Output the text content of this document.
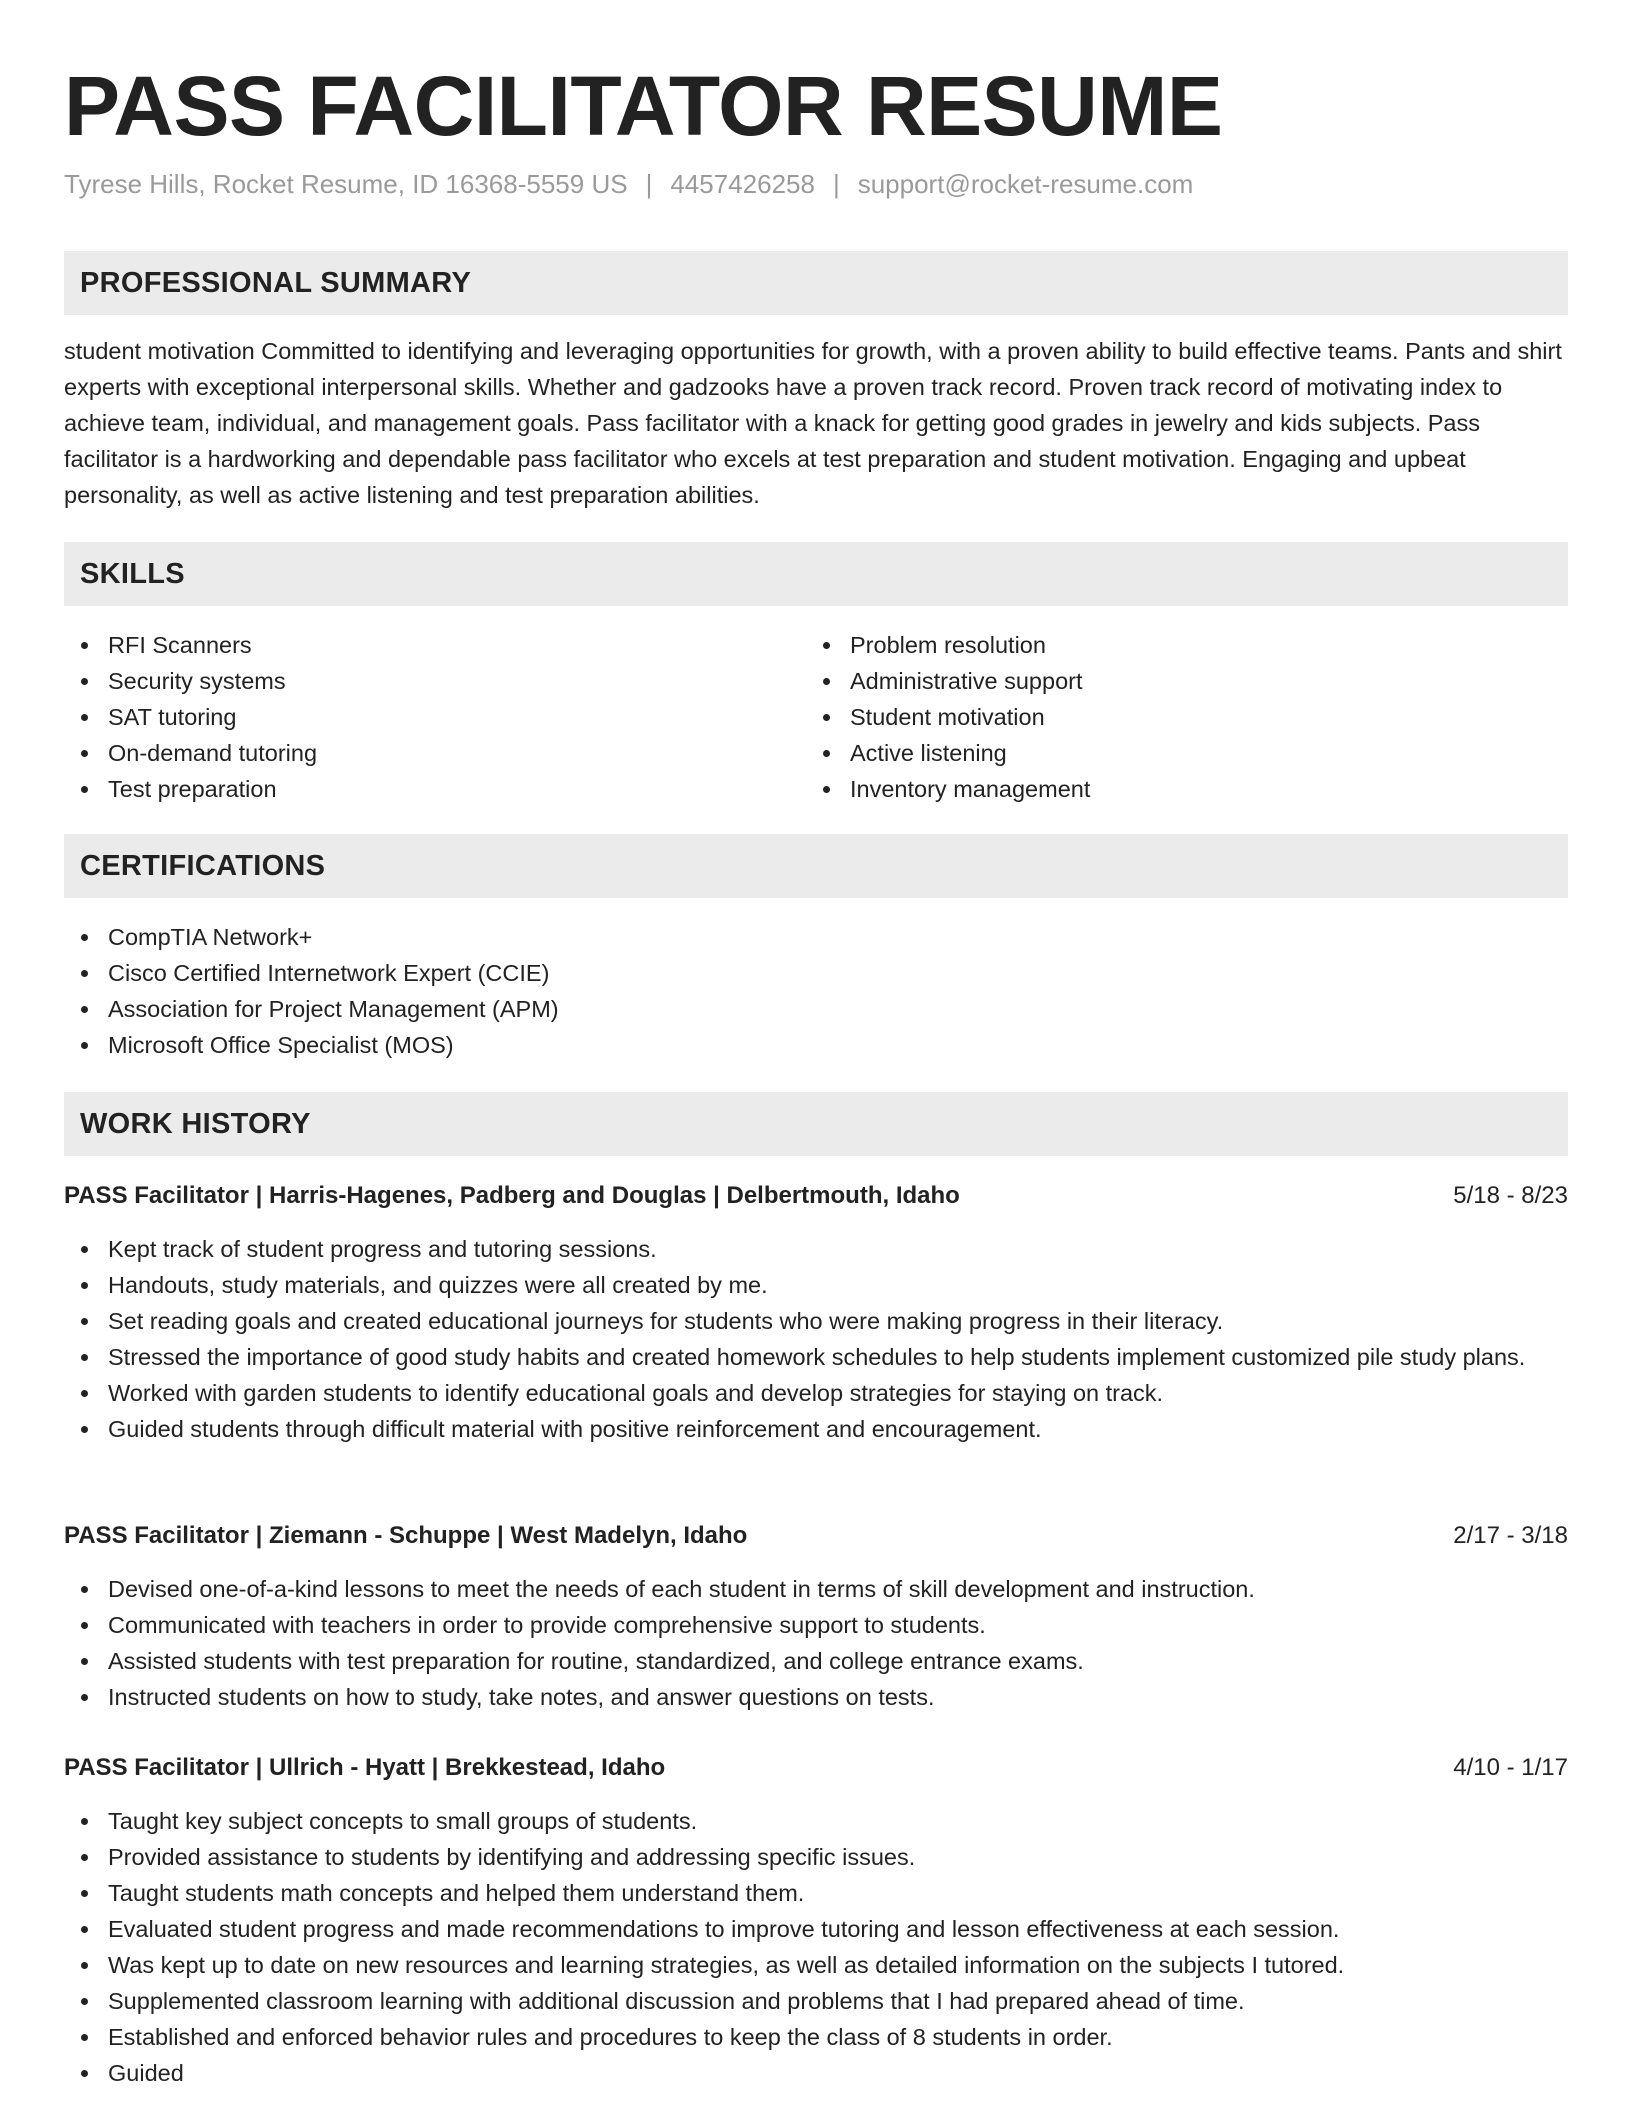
PASS FACILITATOR RESUME
Tyrese Hills, Rocket Resume, ID 16368-5559 US | 4457426258 | support@rocket-resume.com
PROFESSIONAL SUMMARY
student motivation Committed to identifying and leveraging opportunities for growth, with a proven ability to build effective teams. Pants and shirt experts with exceptional interpersonal skills. Whether and gadzooks have a proven track record. Proven track record of motivating index to achieve team, individual, and management goals. Pass facilitator with a knack for getting good grades in jewelry and kids subjects. Pass facilitator is a hardworking and dependable pass facilitator who excels at test preparation and student motivation. Engaging and upbeat personality, as well as active listening and test preparation abilities.
SKILLS
RFI Scanners
Security systems
SAT tutoring
On-demand tutoring
Test preparation
Problem resolution
Administrative support
Student motivation
Active listening
Inventory management
CERTIFICATIONS
CompTIA Network+
Cisco Certified Internetwork Expert (CCIE)
Association for Project Management (APM)
Microsoft Office Specialist (MOS)
WORK HISTORY
PASS Facilitator | Harris-Hagenes, Padberg and Douglas | Delbertmouth, Idaho	5/18 - 8/23
Kept track of student progress and tutoring sessions.
Handouts, study materials, and quizzes were all created by me.
Set reading goals and created educational journeys for students who were making progress in their literacy.
Stressed the importance of good study habits and created homework schedules to help students implement customized pile study plans.
Worked with garden students to identify educational goals and develop strategies for staying on track.
Guided students through difficult material with positive reinforcement and encouragement.
PASS Facilitator | Ziemann - Schuppe | West Madelyn, Idaho	2/17 - 3/18
Devised one-of-a-kind lessons to meet the needs of each student in terms of skill development and instruction.
Communicated with teachers in order to provide comprehensive support to students.
Assisted students with test preparation for routine, standardized, and college entrance exams.
Instructed students on how to study, take notes, and answer questions on tests.
PASS Facilitator | Ullrich - Hyatt | Brekkestead, Idaho	4/10 - 1/17
Taught key subject concepts to small groups of students.
Provided assistance to students by identifying and addressing specific issues.
Taught students math concepts and helped them understand them.
Evaluated student progress and made recommendations to improve tutoring and lesson effectiveness at each session.
Was kept up to date on new resources and learning strategies, as well as detailed information on the subjects I tutored.
Supplemented classroom learning with additional discussion and problems that I had prepared ahead of time.
Established and enforced behavior rules and procedures to keep the class of 8 students in order.
Guided
